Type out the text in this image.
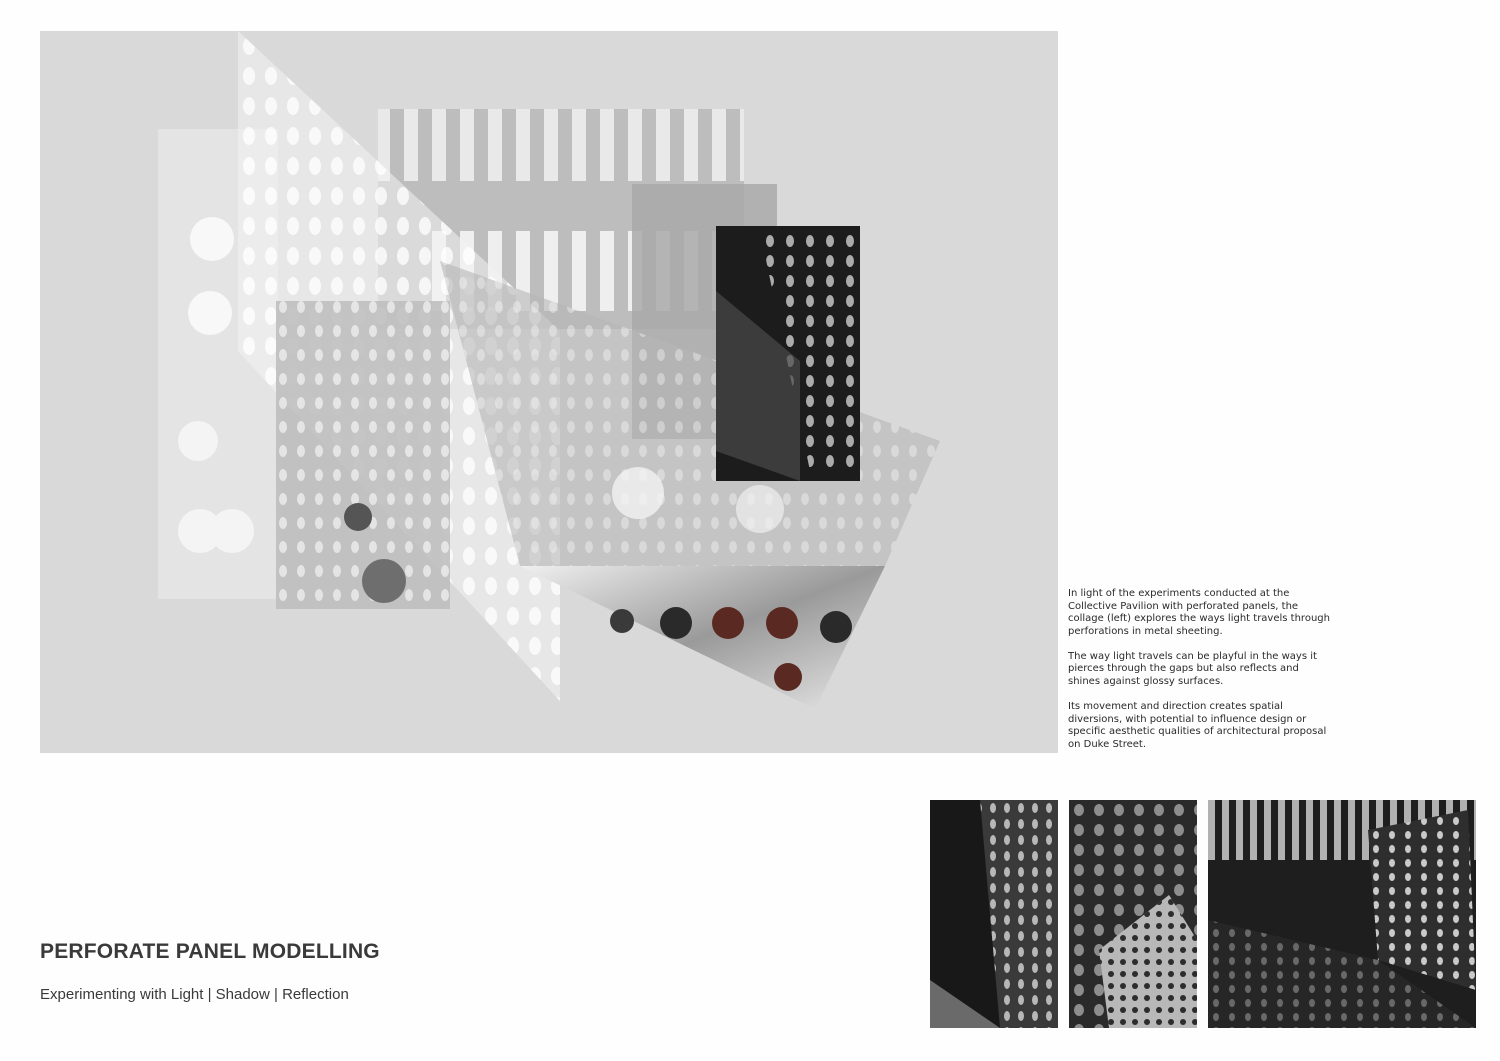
In light of the experiments conducted at the Collective Pavilion with perforated panels, the collage (left) explores the ways light travels through perforations in metal sheeting.

The way light travels can be playful in the ways it pierces through the gaps but also reflects and shines against glossy surfaces.

Its movement and direction creates spatial diversions, with potential to influence design or specific aesthetic qualities of architectural proposal on Duke Street.

PERFORATE PANEL MODELLING
Experimenting with Light | Shadow | Reflection
